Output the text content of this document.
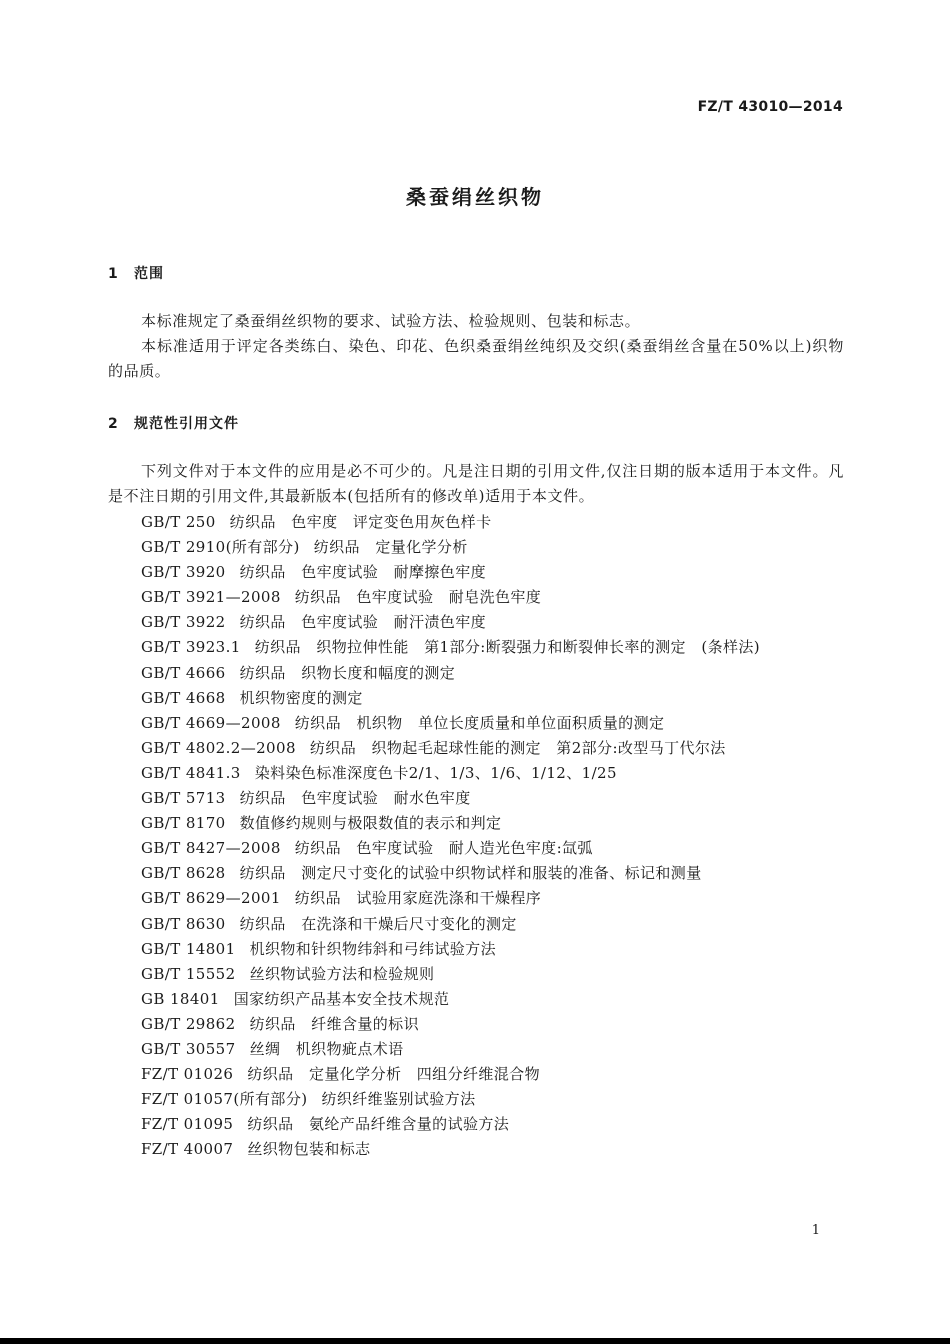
FZ/T 43010—2014
桑蚕绢丝织物
1 范围

本标准规定了桑蚕绢丝织物的要求、试验方法、检验规则、包装和标志。

本标准适用于评定各类练白、染色、印花、色织桑蚕绢丝纯织及交织(桑蚕绢丝含量在50%以上)织物的品质。

2 规范性引用文件

下列文件对于本文件的应用是必不可少的。凡是注日期的引用文件,仅注日期的版本适用于本文件。凡是不注日期的引用文件,其最新版本(包括所有的修改单)适用于本文件。

GB/T 250 纺织品　色牢度　评定变色用灰色样卡
GB/T 2910(所有部分) 纺织品　定量化学分析
GB/T 3920 纺织品　色牢度试验　耐摩擦色牢度
GB/T 3921—2008 纺织品　色牢度试验　耐皂洗色牢度
GB/T 3922 纺织品　色牢度试验　耐汗渍色牢度
GB/T 3923.1 纺织品　织物拉伸性能　第1部分:断裂强力和断裂伸长率的测定　(条样法)
GB/T 4666 纺织品　织物长度和幅度的测定
GB/T 4668 机织物密度的测定
GB/T 4669—2008 纺织品　机织物　单位长度质量和单位面积质量的测定
GB/T 4802.2—2008 纺织品　织物起毛起球性能的测定　第2部分:改型马丁代尔法
GB/T 4841.3 染料染色标准深度色卡2/1、1/3、1/6、1/12、1/25
GB/T 5713 纺织品　色牢度试验　耐水色牢度
GB/T 8170 数值修约规则与极限数值的表示和判定
GB/T 8427—2008 纺织品　色牢度试验　耐人造光色牢度:氙弧
GB/T 8628 纺织品　测定尺寸变化的试验中织物试样和服装的准备、标记和测量
GB/T 8629—2001 纺织品　试验用家庭洗涤和干燥程序
GB/T 8630 纺织品　在洗涤和干燥后尺寸变化的测定
GB/T 14801 机织物和针织物纬斜和弓纬试验方法
GB/T 15552 丝织物试验方法和检验规则
GB 18401 国家纺织产品基本安全技术规范
GB/T 29862 纺织品　纤维含量的标识
GB/T 30557 丝绸　机织物疵点术语
FZ/T 01026 纺织品　定量化学分析　四组分纤维混合物
FZ/T 01057(所有部分) 纺织纤维鉴别试验方法
FZ/T 01095 纺织品　氨纶产品纤维含量的试验方法
FZ/T 40007 丝织物包装和标志
1
